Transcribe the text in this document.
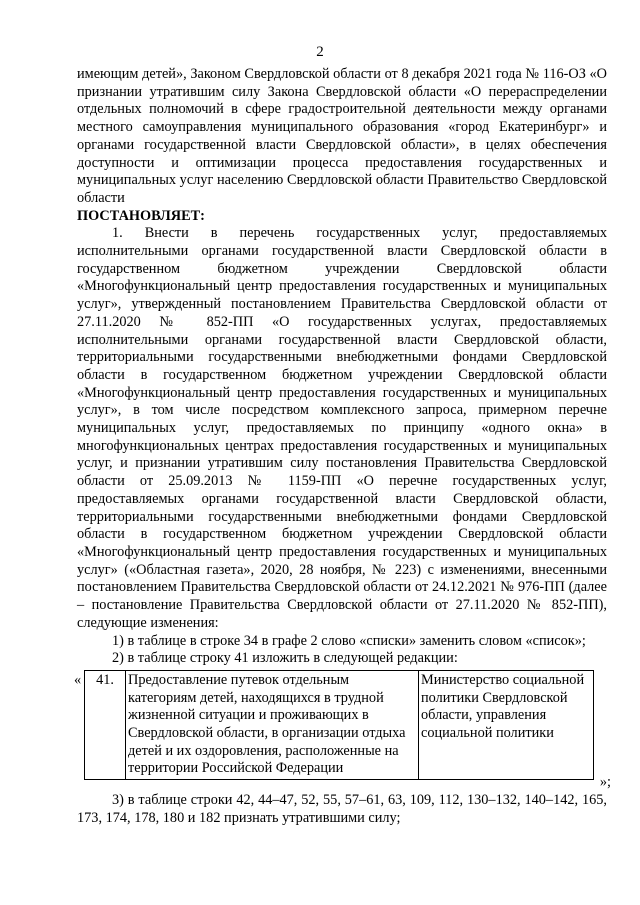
2

имеющим детей», Законом Свердловской области от 8 декабря 2021 года № 116-ОЗ «О признании утратившим силу Закона Свердловской области «О перераспределении отдельных полномочий в сфере градостроительной деятельности между органами местного самоуправления муниципального образования «город Екатеринбург» и органами государственной власти Свердловской области», в целях обеспечения доступности и оптимизации процесса предоставления государственных и муниципальных услуг населению Свердловской области Правительство Свердловской области

ПОСТАНОВЛЯЕТ:

1. Внести в перечень государственных услуг, предоставляемых исполнительными органами государственной власти Свердловской области в государственном бюджетном учреждении Свердловской области «Многофункциональный центр предоставления государственных и муниципальных услуг», утвержденный постановлением Правительства Свердловской области от 27.11.2020 № 852-ПП «О государственных услугах, предоставляемых исполнительными органами государственной власти Свердловской области, территориальными государственными внебюджетными фондами Свердловской области в государственном бюджетном учреждении Свердловской области «Многофункциональный центр предоставления государственных и муниципальных услуг», в том числе посредством комплексного запроса, примерном перечне муниципальных услуг, предоставляемых по принципу «одного окна» в многофункциональных центрах предоставления государственных и муниципальных услуг, и признании утратившим силу постановления Правительства Свердловской области от 25.09.2013 № 1159-ПП «О перечне государственных услуг, предоставляемых органами государственной власти Свердловской области, территориальными государственными внебюджетными фондами Свердловской области в государственном бюджетном учреждении Свердловской области «Многофункциональный центр предоставления государственных и муниципальных услуг» («Областная газета», 2020, 28 ноября, № 223) с изменениями, внесенными постановлением Правительства Свердловской области от 24.12.2021 № 976-ПП (далее – постановление Правительства Свердловской области от 27.11.2020 № 852-ПП), следующие изменения:

1) в таблице в строке 34 в графе 2 слово «списки» заменить словом «список»;

2) в таблице строку 41 изложить в следующей редакции:

« 41.	Предоставление путевок отдельным категориям детей, находящихся в трудной жизненной ситуации и проживающих в Свердловской области, в организации отдыха детей и их оздоровления, расположенные на территории Российской Федерации	Министерство социальной политики Свердловской области, управления социальной политики
»;

3) в таблице строки 42, 44–47, 52, 55, 57–61, 63, 109, 112, 130–132, 140–142, 165, 173, 174, 178, 180 и 182 признать утратившими силу;
